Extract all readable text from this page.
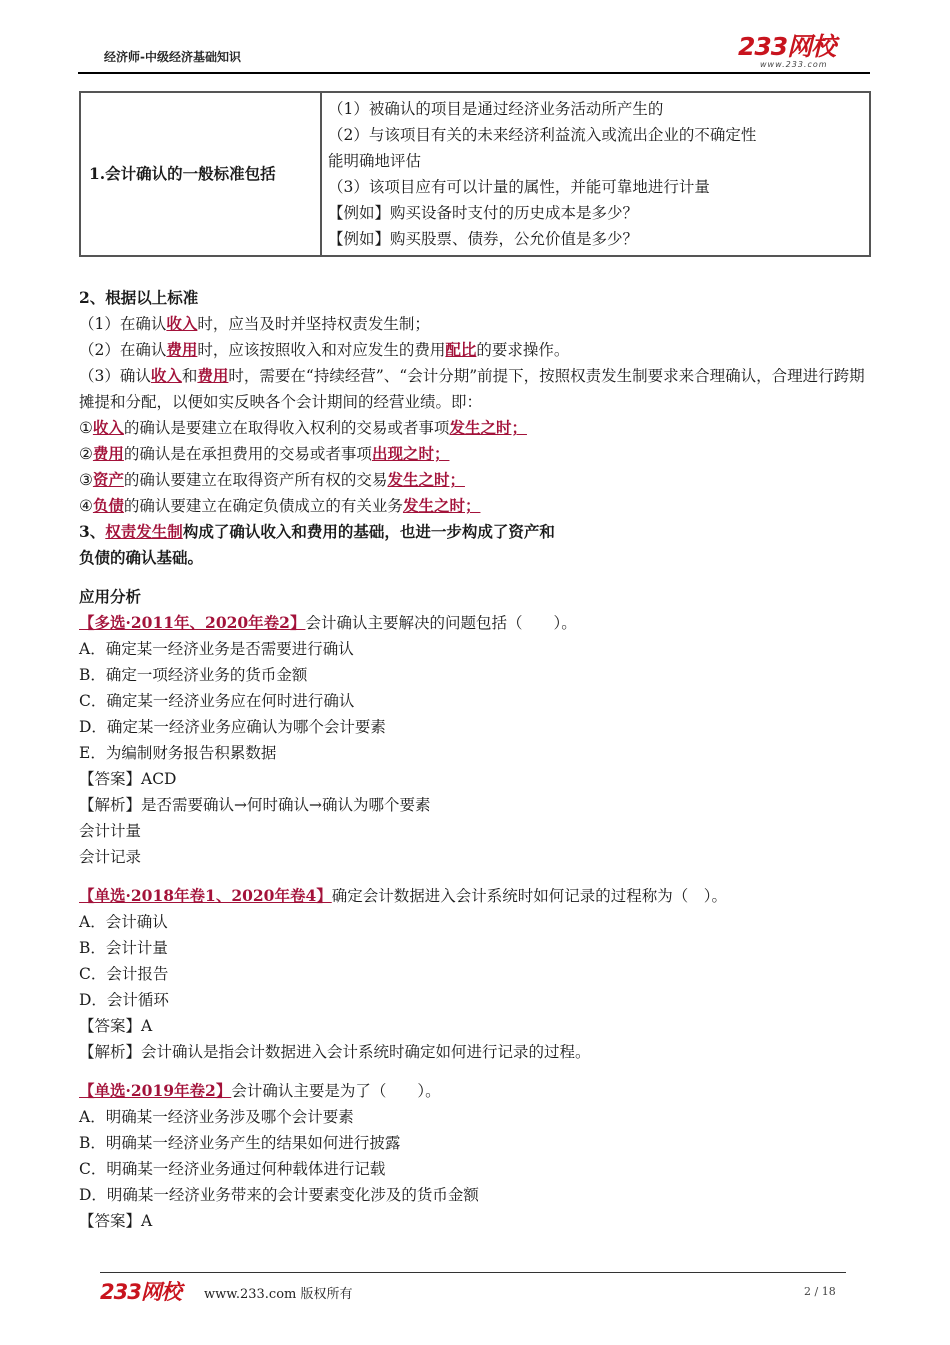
经济师-中级经济基础知识	233网校
www.233.com
1.会计确认的一般标准包括	
（1）被确认的项目是通过经济业务活动所产生的
（2）与该项目有关的未来经济利益流入或流出企业的不确定性
能明确地评估
（3）该项目应有可以计量的属性，并能可靠地进行计量
【例如】购买设备时支付的历史成本是多少？
【例如】购买股票、债券，公允价值是多少？
2、根据以上标准
（1）在确认收入时，应当及时并坚持权责发生制；
（2）在确认费用时，应该按照收入和对应发生的费用配比的要求操作。
（3）确认收入和费用时，需要在“持续经营”、“会计分期”前提下，按照权责发生制要求来合理确认，合理进行跨期摊提和分配，以便如实反映各个会计期间的经营业绩。即：
①收入的确认是要建立在取得收入权利的交易或者事项发生之时；
②费用的确认是在承担费用的交易或者事项出现之时；
③资产的确认要建立在取得资产所有权的交易发生之时；
④负债的确认要建立在确定负债成立的有关业务发生之时；
3、权责发生制构成了确认收入和费用的基础，也进一步构成了资产和
负债的确认基础。
应用分析
【多选·2011年、2020年卷2】会计确认主要解决的问题包括（　　）。
A．确定某一经济业务是否需要进行确认
B．确定一项经济业务的货币金额
C．确定某一经济业务应在何时进行确认
D．确定某一经济业务应确认为哪个会计要素
E．为编制财务报告积累数据
【答案】ACD
【解析】是否需要确认→何时确认→确认为哪个要素
会计计量
会计记录
【单选·2018年卷1、2020年卷4】确定会计数据进入会计系统时如何记录的过程称为（　）。
A．会计确认
B．会计计量
C．会计报告
D．会计循环
【答案】A
【解析】会计确认是指会计数据进入会计系统时确定如何进行记录的过程。
【单选·2019年卷2】会计确认主要是为了（　　）。
A．明确某一经济业务涉及哪个会计要素
B．明确某一经济业务产生的结果如何进行披露
C．明确某一经济业务通过何种载体进行记载
D．明确某一经济业务带来的会计要素变化涉及的货币金额
【答案】A
233网校 www.233.com 版权所有	2 / 18
